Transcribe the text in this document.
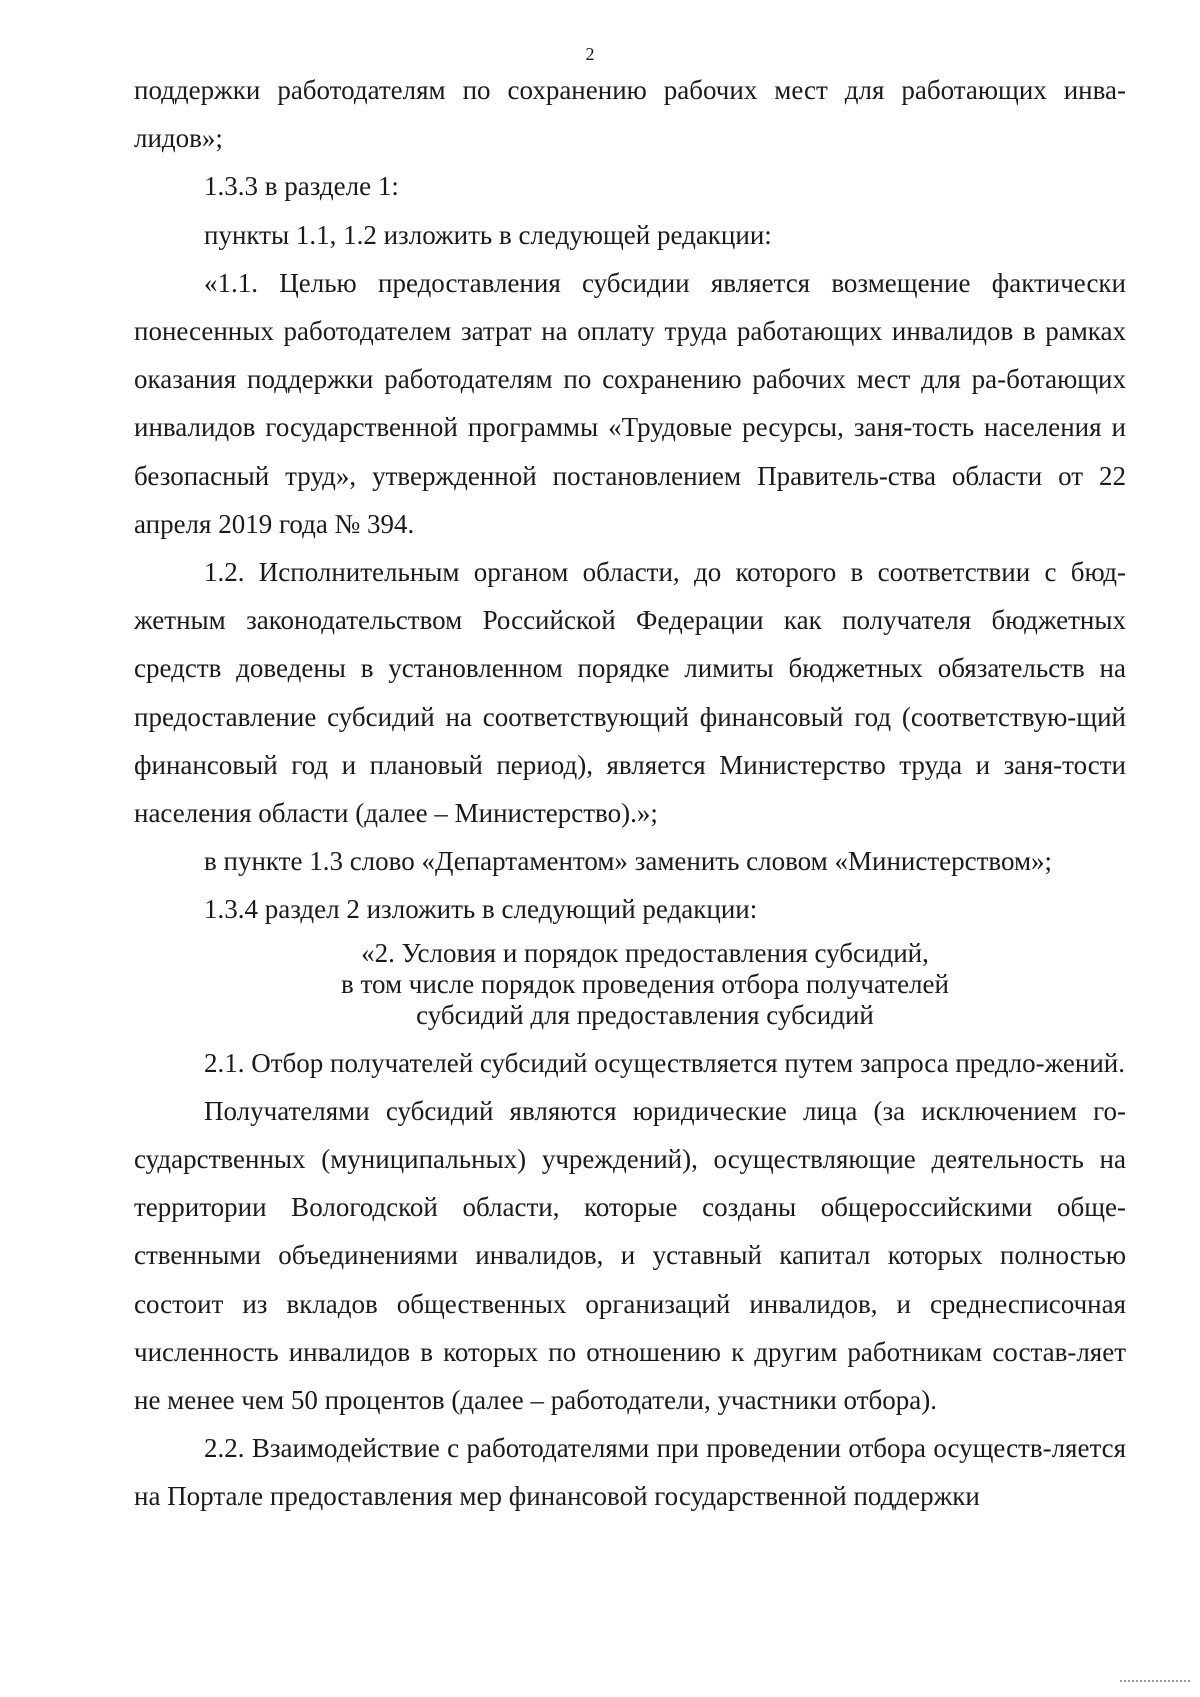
2

поддержки работодателям по сохранению рабочих мест для работающих инва-лидов»;

1.3.3 в разделе 1:

пункты 1.1, 1.2 изложить в следующей редакции:

«1.1. Целью предоставления субсидии является возмещение фактически понесенных работодателем затрат на оплату труда работающих инвалидов в рамках оказания поддержки работодателям по сохранению рабочих мест для ра-ботающих инвалидов государственной программы «Трудовые ресурсы, заня-тость населения и безопасный труд», утвержденной постановлением Правитель-ства области от 22 апреля 2019 года № 394.

1.2. Исполнительным органом области, до которого в соответствии с бюд-жетным законодательством Российской Федерации как получателя бюджетных средств доведены в установленном порядке лимиты бюджетных обязательств на предоставление субсидий на соответствующий финансовый год (соответствую-щий финансовый год и плановый период), является Министерство труда и заня-тости населения области (далее – Министерство).»;

в пункте 1.3 слово «Департаментом» заменить словом «Министерством»;

1.3.4 раздел 2 изложить в следующий редакции:

«2. Условия и порядок предоставления субсидий,
в том числе порядок проведения отбора получателей
субсидий для предоставления субсидий

2.1. Отбор получателей субсидий осуществляется путем запроса предло-жений.

Получателями субсидий являются юридические лица (за исключением го-сударственных (муниципальных) учреждений), осуществляющие деятельность на территории Вологодской области, которые созданы общероссийскими обще-ственными объединениями инвалидов, и уставный капитал которых полностью состоит из вкладов общественных организаций инвалидов, и среднесписочная численность инвалидов в которых по отношению к другим работникам состав-ляет не менее чем 50 процентов (далее – работодатели, участники отбора).

2.2. Взаимодействие с работодателями при проведении отбора осуществ-ляется на Портале предоставления мер финансовой государственной поддержки
